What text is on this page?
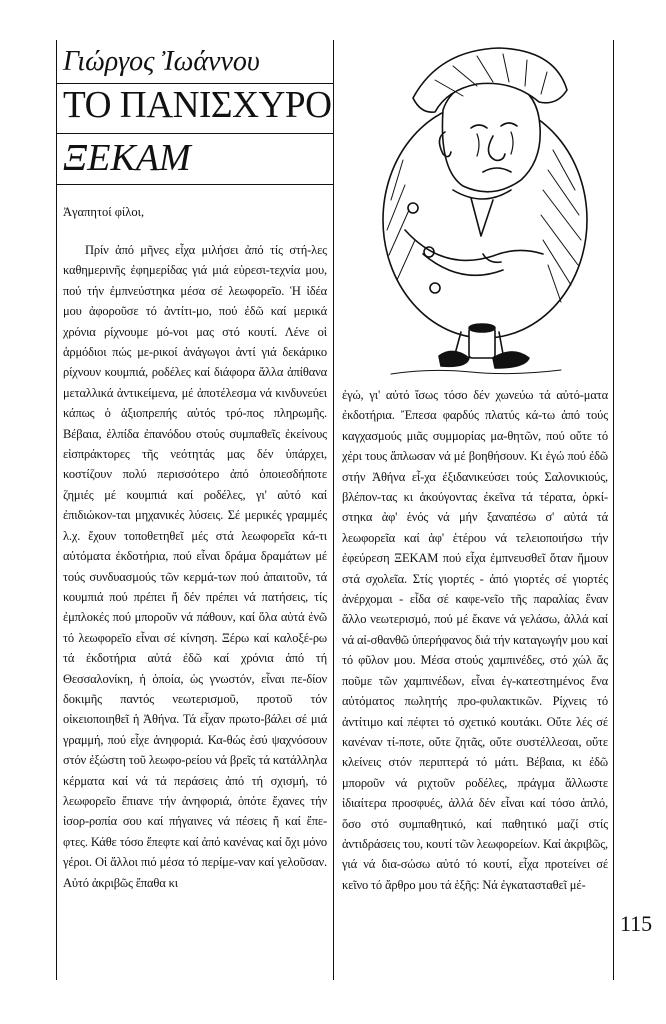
Γιώργος Ἰωάννου
ΤΟ ΠΑΝΙΣΧΥΡΟ
ΞΕΚΑΜ
Ἀγαπητοί φίλοι,

Πρίν ἀπό μῆνες εἶχα μιλήσει ἀπό τίς στή-λες καθημερινῆς ἐφημερίδας γιά μιά εὑρεσι-τεχνία μου, πού τήν ἐμπνεύστηκα μέσα σέ λεωφορεῖο. Ἡ ἰδέα μου ἀφοροῦσε τό ἀντίτι-μο, πού ἐδῶ καί μερικά χρόνια ρίχνουμε μό-νοι μας στό κουτί. Λένε οἱ ἁρμόδιοι πώς με-ρικοί ἀνάγωγοι ἀντί γιά δεκάρικο ρίχνουν κουμπιά, ροδέλες καί διάφορα ἄλλα ἀπίθανα μεταλλικά ἀντικείμενα, μέ ἀποτέλεσμα νά κινδυνεύει κάπως ὁ ἀξιοπρεπής αὐτός τρό-πος πληρωμῆς. Βέβαια, ἐλπίδα ἐπανόδου στούς συμπαθεῖς ἐκείνους εἰσπράκτορες τῆς νεότητάς μας δέν ὑπάρχει, κοστίζουν πολύ περισσότερο ἀπό ὁποιεσδήποτε ζημιές μέ κουμπιά καί ροδέλες, γι' αὐτό καί ἐπιδιώκον-ται μηχανικές λύσεις. Σέ μερικές γραμμές λ.χ. ἔχουν τοποθετηθεῖ μές στά λεωφορεῖα κά-τι αὐτόματα ἐκδοτήρια, πού εἶναι δράμα δραμάτων μέ τούς συνδυασμούς τῶν κερμά-των πού ἀπαιτοῦν, τά κουμπιά πού πρέπει ἤ δέν πρέπει νά πατήσεις, τίς ἐμπλοκές πού μποροῦν νά πάθουν, καί ὅλα αὐτά ἐνῶ τό λεωφορεῖο εἶναι σέ κίνηση. Ξέρω καί καλοξέ-ρω τά ἐκδοτήρια αὐτά ἐδῶ καί χρόνια ἀπό τή Θεσσαλονίκη, ἡ ὁποία, ὡς γνωστόν, εἶναι πε-δίον δοκιμῆς παντός νεωτερισμοῦ, προτοῦ τόν οἰκειοποιηθεῖ ἡ Ἀθήνα. Τά εἶχαν πρωτο-βάλει σέ μιά γραμμή, πού εἶχε ἀνηφοριά. Κα-θώς ἐσύ ψαχνόσουν στόν ἐξώστη τοῦ λεωφο-ρείου νά βρεῖς τά κατάλληλα κέρματα καί νά τά περάσεις ἀπό τή σχισμή, τό λεωφορεῖο ἔπιανε τήν ἀνηφοριά, ὁπότε ἔχανες τήν ἰσορ-ροπία σου καί πήγαινες νά πέσεις ἤ καί ἔπε-φτες. Κάθε τόσο ἔπεφτε καί ἀπό κανένας καί ὄχι μόνο γέροι. Οἱ ἄλλοι πιό μέσα τό περίμε-ναν καί γελοῦσαν. Αὐτό ἀκριβῶς ἔπαθα κι

ἐγώ, γι' αὐτό ἴσως τόσο δέν χωνεύω τά αὐτό-ματα ἐκδοτήρια. Ἔπεσα φαρδύς πλατύς κά-τω ἀπό τούς καγχασμούς μιᾶς συμμορίας μα-θητῶν, πού οὔτε τό χέρι τους ἅπλωσαν νά μέ βοηθήσουν. Κι ἐγώ πού ἐδῶ στήν Ἀθήνα εἶ-χα ἐξιδανικεύσει τούς Σαλονικιούς, βλέπον-τας κι ἀκούγοντας ἐκεῖνα τά τέρατα, ὁρκί-στηκα ἀφ' ἑνός νά μήν ξαναπέσω σ' αὐτά τά λεωφορεῖα καί ἀφ' ἑτέρου νά τελειοποιήσω τήν ἐφεύρεση ΞΕΚΑΜ πού εἶχα ἐμπνευσθεῖ ὅταν ἤμουν στά σχολεῖα. Στίς γιορτές - ἀπό γιορτές σέ γιορτές ἀνέρχομαι - εἶδα σέ καφε-νεῖο τῆς παραλίας ἕναν ἄλλο νεωτερισμό, πού μέ ἔκανε νά γελάσω, ἀλλά καί νά αἰ-σθανθῶ ὑπερήφανος διά τήν καταγωγήν μου καί τό φῦλον μου. Μέσα στούς χαμπινέδες, στό χώλ ἄς ποῦμε τῶν χαμπινέδων, εἶναι ἐγ-κατεστημένος ἕνα αὐτόματος πωλητής προ-φυλακτικῶν. Ρίχνεις τό ἀντίτιμο καί πέφτει τό σχετικό κουτάκι. Οὔτε λές σέ κανέναν τί-ποτε, οὔτε ζητᾶς, οὔτε συστέλλεσαι, οὔτε κλείνεις στόν περιπτερά τό μάτι. Βέβαια, κι ἐδῶ μποροῦν νά ριχτοῦν ροδέλες, πράγμα ἄλλωστε ἰδιαίτερα προσφυές, ἀλλά δέν εἶναι καί τόσο ἁπλό, ὅσο στό συμπαθητικό, καί παθητικό μαζί στίς ἀντιδράσεις του, κουτί τῶν λεωφορείων. Καί ἀκριβῶς, γιά νά δια-σώσω αὐτό τό κουτί, εἶχα προτείνει σέ κεῖνο τό ἄρθρο μου τά ἑξῆς: Νά ἐγκατασταθεῖ μέ-

115
